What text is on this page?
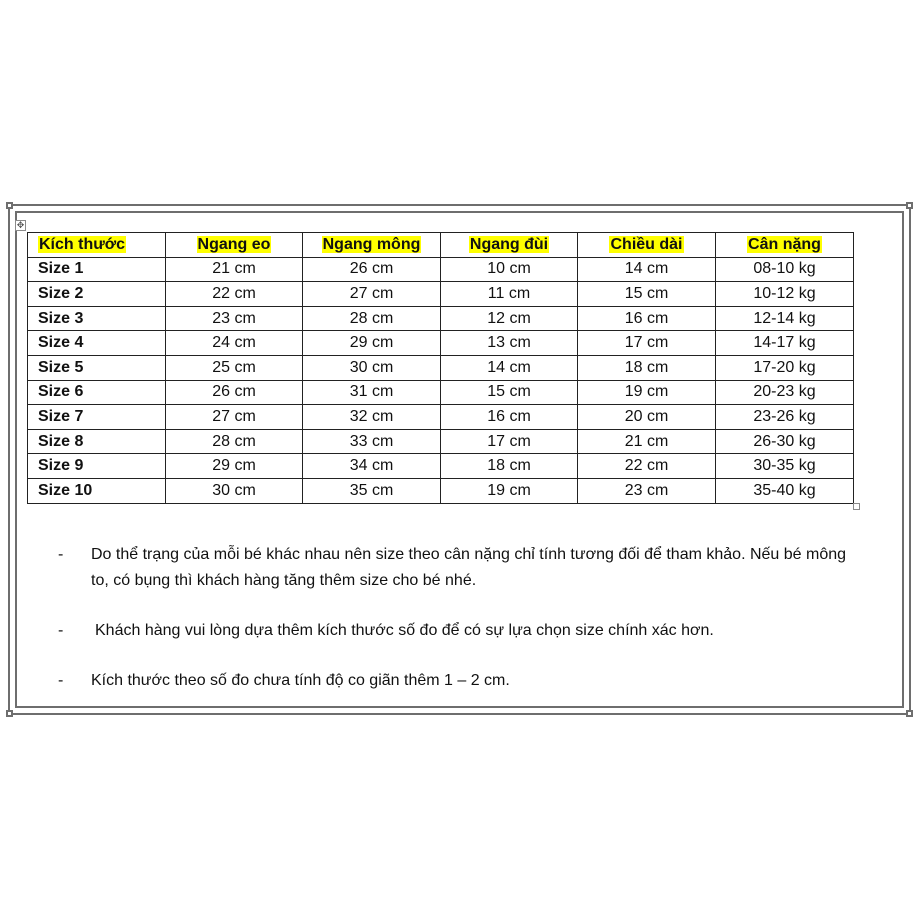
✥
Kích thước	Ngang eo	Ngang mông	Ngang đùi	Chiều dài	Cân nặng
Size 1	21 cm	26 cm	10 cm	14 cm	08-10 kg
Size 2	22 cm	27 cm	11 cm	15 cm	10-12 kg
Size 3	23 cm	28 cm	12 cm	16 cm	12-14 kg
Size 4	24 cm	29 cm	13 cm	17 cm	14-17 kg
Size 5	25 cm	30 cm	14 cm	18 cm	17-20 kg
Size 6	26 cm	31 cm	15 cm	19 cm	20-23 kg
Size 7	27 cm	32 cm	16 cm	20 cm	23-26 kg
Size 8	28 cm	33 cm	17 cm	21 cm	26-30 kg
Size 9	29 cm	34 cm	18 cm	22 cm	30-35 kg
Size 10	30 cm	35 cm	19 cm	23 cm	35-40 kg
- Do thể trạng của mỗi bé khác nhau nên size theo cân nặng chỉ tính tương đối để tham khảo. Nếu bé mông to, có bụng thì khách hàng tăng thêm size cho bé nhé.
- Khách hàng vui lòng dựa thêm kích thước số đo để có sự lựa chọn size chính xác hơn.
- Kích thước theo số đo chưa tính độ co giãn thêm 1 – 2 cm.
